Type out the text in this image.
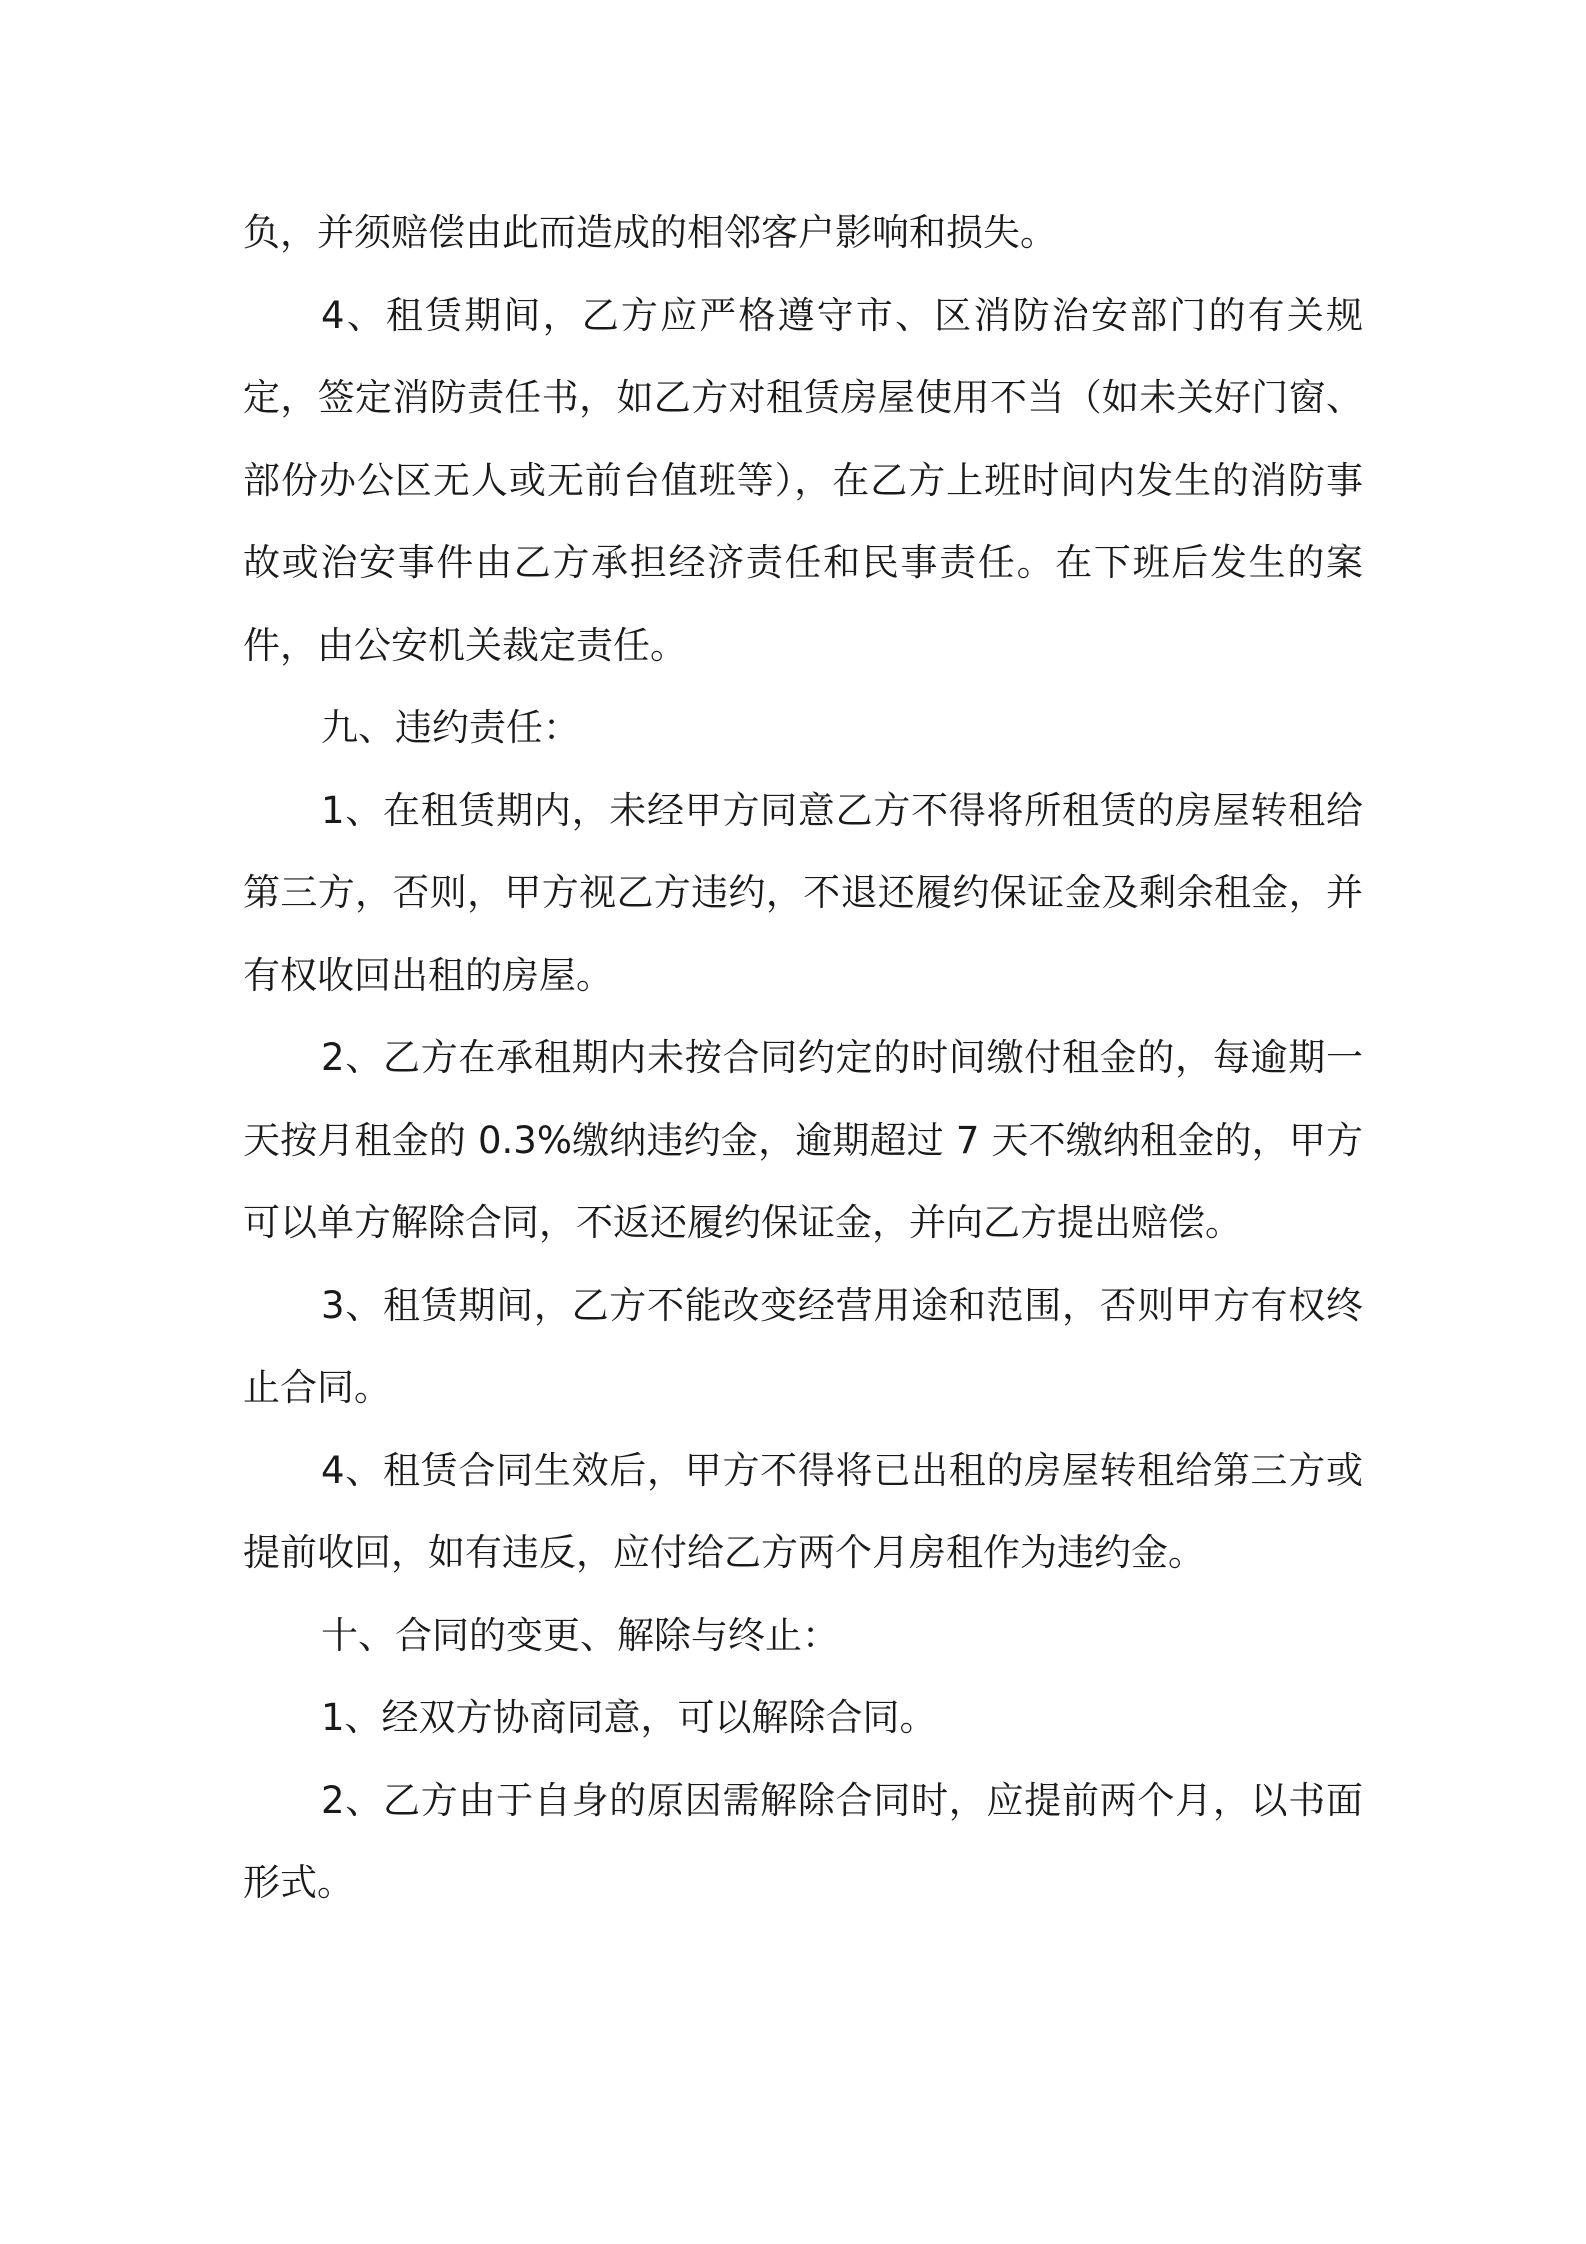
负，并须赔偿由此而造成的相邻客户影响和损失。

4、租赁期间，乙方应严格遵守市、区消防治安部门的有关规定，签定消防责任书，如乙方对租赁房屋使用不当（如未关好门窗、部份办公区无人或无前台值班等），在乙方上班时间内发生的消防事故或治安事件由乙方承担经济责任和民事责任。在下班后发生的案件，由公安机关裁定责任。

九、违约责任：

1、在租赁期内，未经甲方同意乙方不得将所租赁的房屋转租给第三方，否则，甲方视乙方违约，不退还履约保证金及剩余租金，并有权收回出租的房屋。

2、乙方在承租期内未按合同约定的时间缴付租金的，每逾期一天按月租金的 0.3%缴纳违约金，逾期超过 7 天不缴纳租金的，甲方可以单方解除合同，不返还履约保证金，并向乙方提出赔偿。

3、租赁期间，乙方不能改变经营用途和范围，否则甲方有权终止合同。

4、租赁合同生效后，甲方不得将已出租的房屋转租给第三方或提前收回，如有违反，应付给乙方两个月房租作为违约金。

十、合同的变更、解除与终止：

1、经双方协商同意，可以解除合同。

2、乙方由于自身的原因需解除合同时，应提前两个月，以书面形式。
